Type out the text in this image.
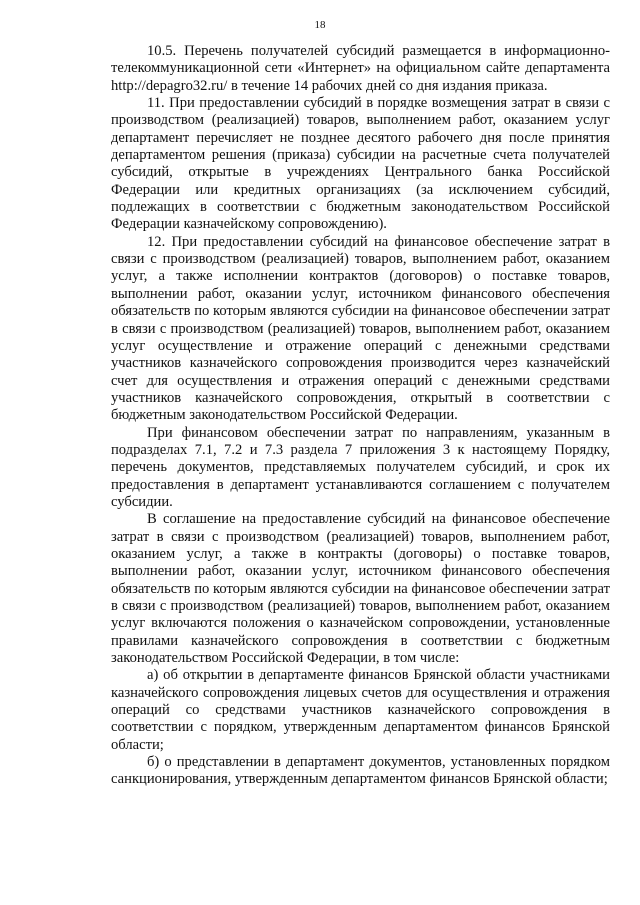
18

10.5. Перечень получателей субсидий размещается в информационно-телекоммуникационной сети «Интернет» на официальном сайте департамента http://depagro32.ru/ в течение 14 рабочих дней со дня издания приказа.

11. При предоставлении субсидий в порядке возмещения затрат в связи с производством (реализацией) товаров, выполнением работ, оказанием услуг департамент перечисляет не позднее десятого рабочего дня после принятия департаментом решения (приказа) субсидии на расчетные счета получателей субсидий, открытые в учреждениях Центрального банка Российской Федерации или кредитных организациях (за исключением субсидий, подлежащих в соответствии с бюджетным законодательством Российской Федерации казначейскому сопровождению).

12. При предоставлении субсидий на финансовое обеспечение затрат в связи с производством (реализацией) товаров, выполнением работ, оказанием услуг, а также исполнении контрактов (договоров) о поставке товаров, выполнении работ, оказании услуг, источником финансового обеспечения обязательств по которым являются субсидии на финансовое обеспечении затрат в связи с производством (реализацией) товаров, выполнением работ, оказанием услуг осуществление и отражение операций с денежными средствами участников казначейского сопровождения производится через казначейский счет для осуществления и отражения операций с денежными средствами участников казначейского сопровождения, открытый в соответствии с бюджетным законодательством Российской Федерации.

При финансовом обеспечении затрат по направлениям, указанным в подразделах 7.1, 7.2 и 7.3 раздела 7 приложения 3 к настоящему Порядку, перечень документов, представляемых получателем субсидий, и срок их предоставления в департамент устанавливаются соглашением с получателем субсидии.

В соглашение на предоставление субсидий на финансовое обеспечение затрат в связи с производством (реализацией) товаров, выполнением работ, оказанием услуг, а также в контракты (договоры) о поставке товаров, выполнении работ, оказании услуг, источником финансового обеспечения обязательств по которым являются субсидии на финансовое обеспечении затрат в связи с производством (реализацией) товаров, выполнением работ, оказанием услуг включаются положения о казначейском сопровождении, установленные правилами казначейского сопровождения в соответствии с бюджетным законодательством Российской Федерации, в том числе:

а) об открытии в департаменте финансов Брянской области участниками казначейского сопровождения лицевых счетов для осуществления и отражения операций со средствами участников казначейского сопровождения в соответствии с порядком, утвержденным департаментом финансов Брянской области;

б) о представлении в департамент документов, установленных порядком санкционирования, утвержденным департаментом финансов Брянской области;
